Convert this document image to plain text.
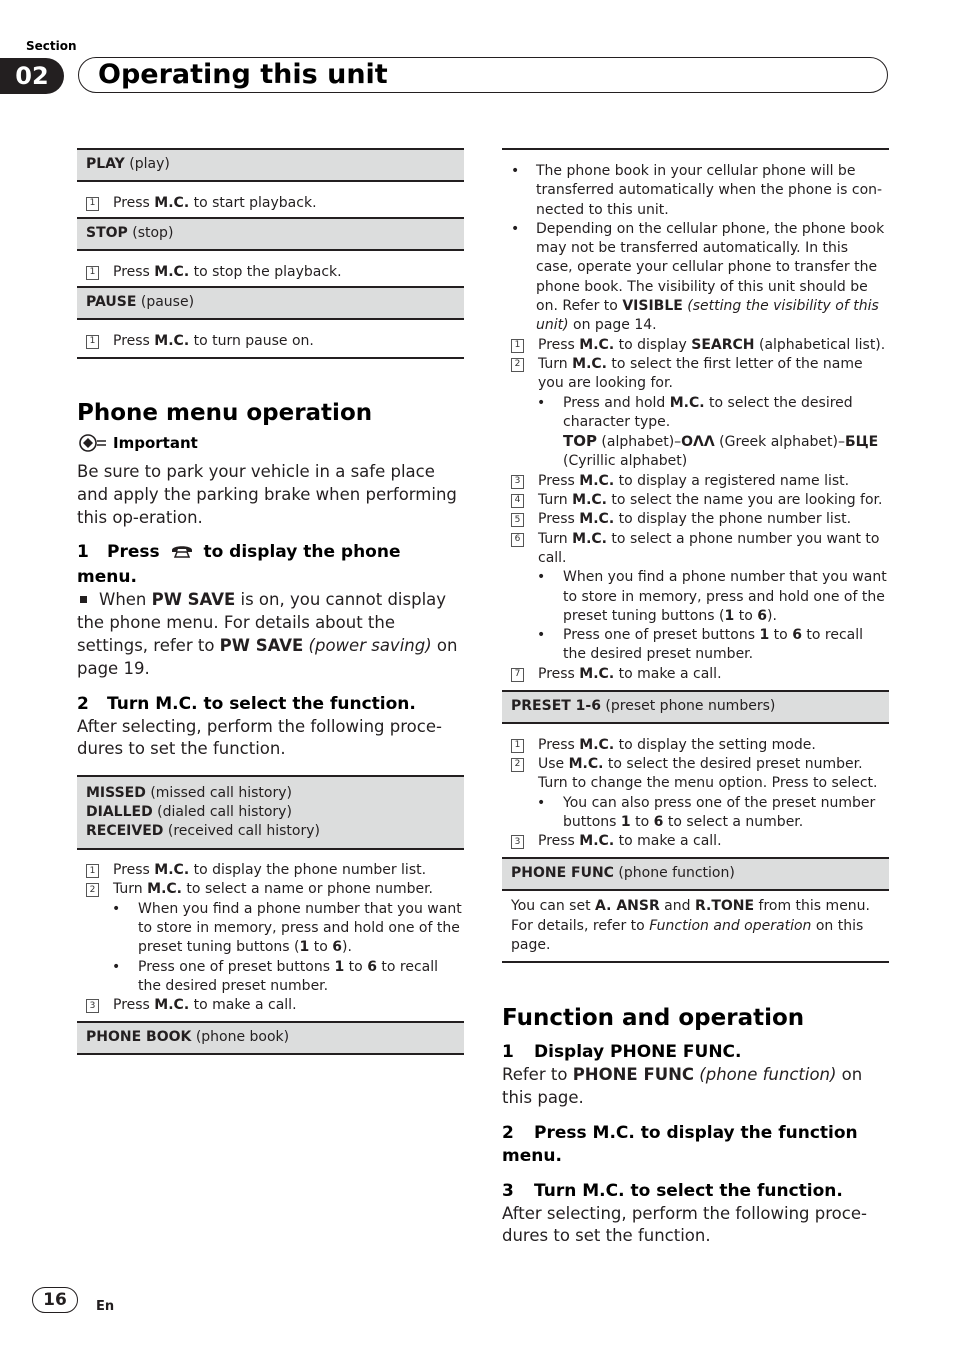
Section
02	Operating this unit
PLAY (play)
1 Press M.C. to start playback.
STOP (stop)
1 Press M.C. to stop the playback.
PAUSE (pause)
1 Press M.C. to turn pause on.
Phone menu operation
Important
Be sure to park your vehicle in a safe place and apply the parking brake when performing this op-eration.
1 Press  to display the phone menu.
When PW SAVE is on, you cannot display the phone menu. For details about the settings, refer to PW SAVE (power saving) on page 19.
2 Turn M.C. to select the function.
After selecting, perform the following proce-dures to set the function.
MISSED (missed call history)
DIALLED (dialed call history)
RECEIVED (received call history)
1 Press M.C. to display the phone number list.
2 Turn M.C. to select a name or phone number.
•	When you find a phone number that you want to store in memory, press and hold one of the preset tuning buttons (1 to 6).
•	Press one of preset buttons 1 to 6 to recall the desired preset number.
3 Press M.C. to make a call.
PHONE BOOK (phone book)
•	The phone book in your cellular phone will be transferred automatically when the phone is con-nected to this unit.
•	Depending on the cellular phone, the phone book may not be transferred automatically. In this case, operate your cellular phone to transfer the phone book. The visibility of this unit should be on. Refer to VISIBLE (setting the visibility of this unit) on page 14.
1 Press M.C. to display SEARCH (alphabetical list).
2 Turn M.C. to select the first letter of the name you are looking for.
•	Press and hold M.C. to select the desired character type.
TOP (alphabet)–ΟΛΛ (Greek alphabet)–БЦЕ
(Cyrillic alphabet)
3 Press M.C. to display a registered name list.
4 Turn M.C. to select the name you are looking for.
5 Press M.C. to display the phone number list.
6 Turn M.C. to select a phone number you want to call.
•	When you find a phone number that you want to store in memory, press and hold one of the preset tuning buttons (1 to 6).
•	Press one of preset buttons 1 to 6 to recall the desired preset number.
7 Press M.C. to make a call.
PRESET 1-6 (preset phone numbers)
1 Press M.C. to display the setting mode.
2 Use M.C. to select the desired preset number. Turn to change the menu option. Press to select.
•	You can also press one of the preset number buttons 1 to 6 to select a number.
3 Press M.C. to make a call.
PHONE FUNC (phone function)
You can set A. ANSR and R.TONE from this menu. For details, refer to Function and operation on this page.
Function and operation
1 Display PHONE FUNC.
Refer to PHONE FUNC (phone function) on this page.
2 Press M.C. to display the function menu.
3 Turn M.C. to select the function.
After selecting, perform the following proce-dures to set the function.
16	En
